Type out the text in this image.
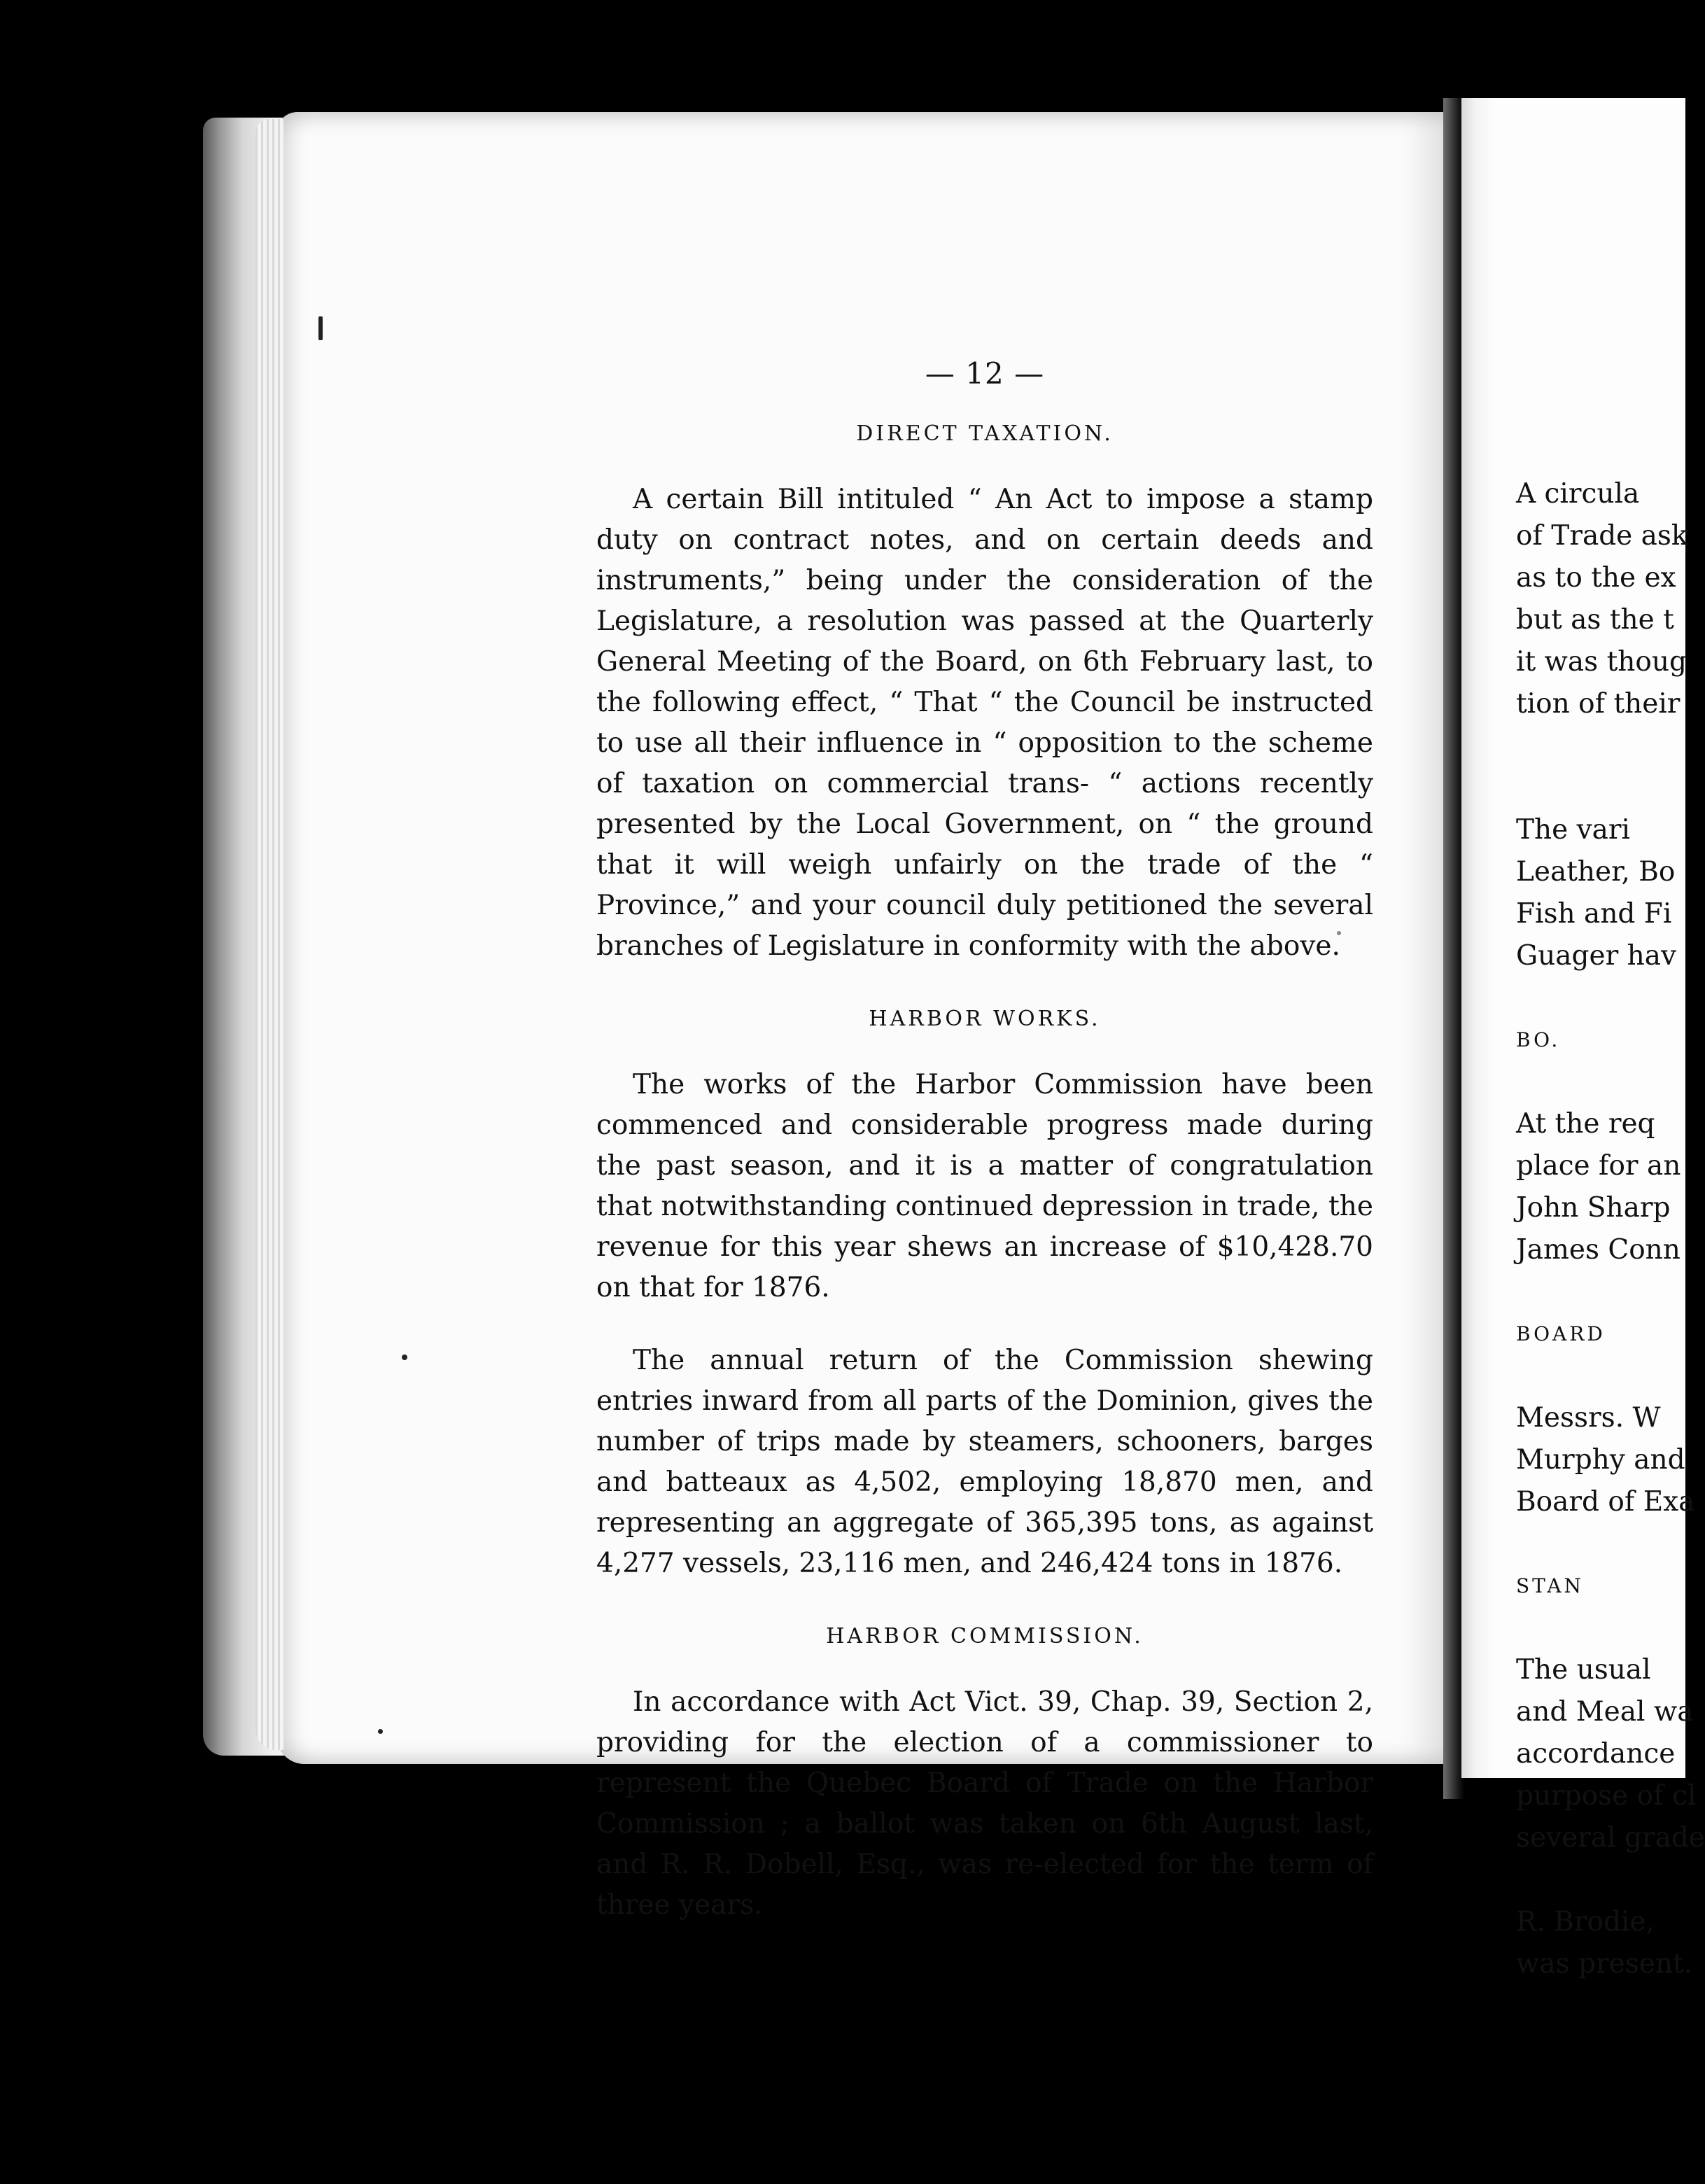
— 12 —
DIRECT TAXATION.

A certain Bill intituled “ An Act to impose a stamp duty on contract notes, and on certain deeds and instruments,” being under the consideration of the Legislature, a resolution was passed at the Quarterly General Meeting of the Board, on 6th February last, to the following effect, “ That “ the Council be instructed to use all their influence in “ opposition to the scheme of taxation on commercial trans- “ actions recently presented by the Local Government, on “ the ground that it will weigh unfairly on the trade of the “ Province,” and your council duly petitioned the several branches of Legislature in conformity with the above.

HARBOR WORKS.

The works of the Harbor Commission have been commenced and considerable progress made during the past season, and it is a matter of congratulation that notwithstanding continued depression in trade, the revenue for this year shews an increase of $10,428.70 on that for 1876.

The annual return of the Commission shewing entries inward from all parts of the Dominion, gives the number of trips made by steamers, schooners, barges and batteaux as 4,502, employing 18,870 men, and representing an aggregate of 365,395 tons, as against 4,277 vessels, 23,116 men, and 246,424 tons in 1876.

HARBOR COMMISSION.

In accordance with Act Vict. 39, Chap. 39, Section 2, providing for the election of a commissioner to represent the Quebec Board of Trade on the Harbor Commission ; a ballot was taken on 6th August last, and R. R. Dobell, Esq., was re-elected for the term of three years.

A circula
of Trade ask
as to the ex
but as the t
it was thoug
tion of their
The vari
Leather, Bo
Fish and Fi
Guager hav
BO.
At the req
place for an
John Sharp
James Conn
BOARD
Messrs. W
Murphy and
Board of Exa
STAN
The usual
and Meal wa
accordance
purpose of cl
several grade
R. Brodie,
was present.
